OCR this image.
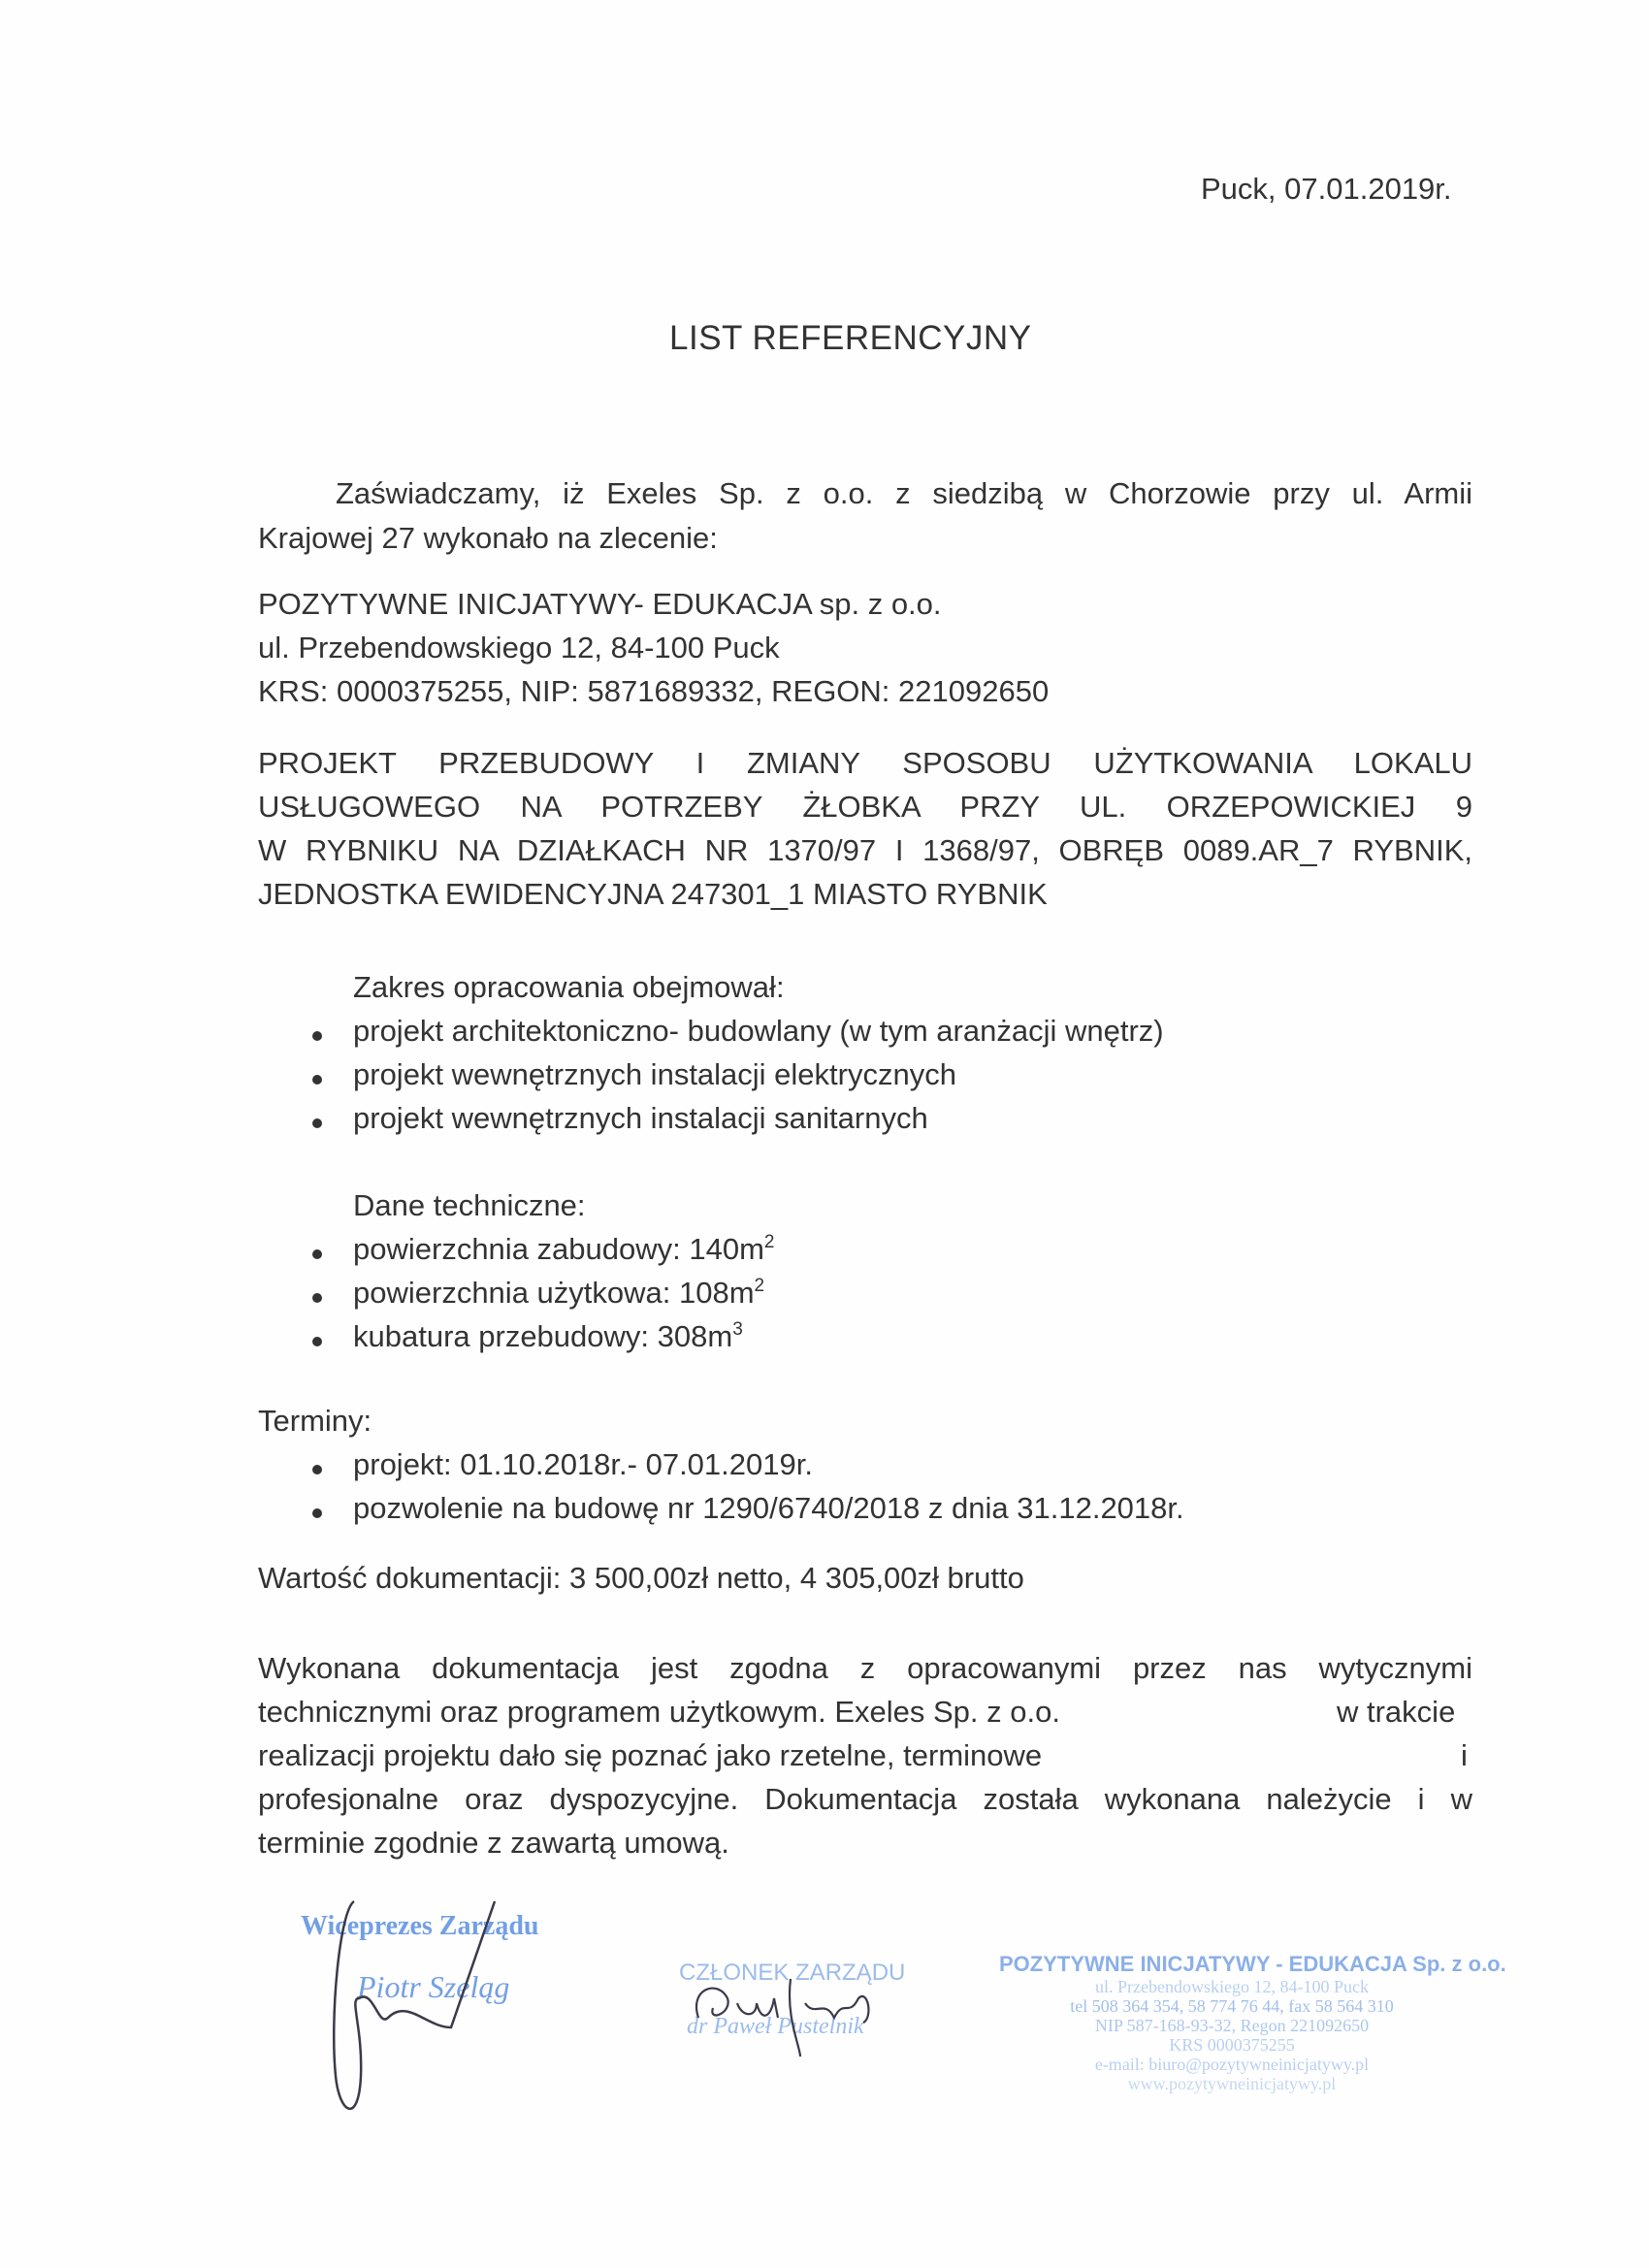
Puck, 07.01.2019r.
LIST REFERENCYJNY
Zaświadczamy, iż Exeles Sp. z o.o. z siedzibą w Chorzowie przy ul. Armii
Krajowej 27 wykonało na zlecenie:
POZYTYWNE INICJATYWY- EDUKACJA sp. z o.o.
ul. Przebendowskiego 12, 84-100 Puck
KRS: 0000375255, NIP: 5871689332, REGON: 221092650
PROJEKT PRZEBUDOWY I ZMIANY SPOSOBU UŻYTKOWANIA LOKALU
USŁUGOWEGO NA POTRZEBY ŻŁOBKA PRZY UL. ORZEPOWICKIEJ 9
W RYBNIKU NA DZIAŁKACH NR 1370/97 I 1368/97, OBRĘB 0089.AR_7 RYBNIK,
JEDNOSTKA EWIDENCYJNA 247301_1 MIASTO RYBNIK
Zakres opracowania obejmował:
projekt architektoniczno- budowlany (w tym aranżacji wnętrz)
projekt wewnętrznych instalacji elektrycznych
projekt wewnętrznych instalacji sanitarnych
Dane techniczne:
powierzchnia zabudowy: $140m^2$
powierzchnia użytkowa: $108m^2$
kubatura przebudowy: $308m^3$
Terminy:
projekt: 01.10.2018r.- 07.01.2019r.
pozwolenie na budowę nr 1290/6740/2018 z dnia 31.12.2018r.
Wartość dokumentacji: 3 500,00zł netto, 4 305,00zł brutto
Wykonana dokumentacja jest zgodna z opracowanymi przez nas wytycznymi
technicznymi oraz programem użytkowym. Exeles Sp. z o.o.	w trakcie
realizacji projektu dało się poznać jako rzetelne, terminowe	i
profesjonalne oraz dyspozycyjne. Dokumentacja została wykonana należycie i w
terminie zgodnie z zawartą umową.
Wiceprezes Zarządu
Piotr Szeląg	CZŁONEK ZARZĄDU
dr Paweł Pustelnik
POZYTYWNE INICJATYWY - EDUKACJA Sp. z o.o.
ul. Przebendowskiego 12, 84-100 Puck
tel 508 364 354, 58 774 76 44, fax 58 564 310
NIP 587-168-93-32, Regon 221092650
KRS 0000375255
e-mail: biuro@pozytywneinicjatywy.pl
www.pozytywneinicjatywy.pl
